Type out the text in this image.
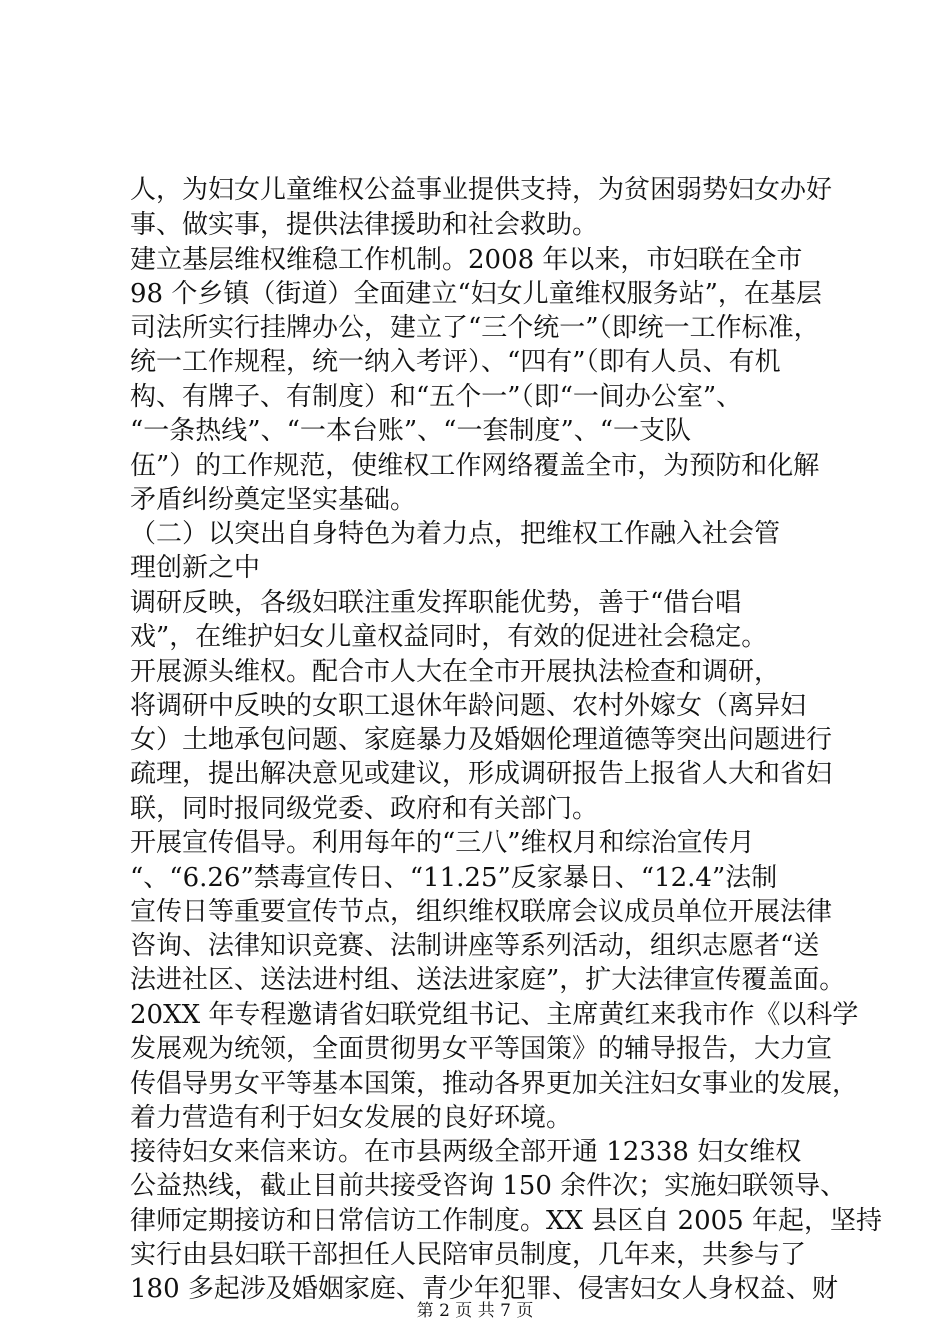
人，为妇女儿童维权公益事业提供支持，为贫困弱势妇女办好
事、做实事，提供法律援助和社会救助。
建立基层维权维稳工作机制。2008 年以来，市妇联在全市
98 个乡镇（街道）全面建立“妇女儿童维权服务站”，在基层
司法所实行挂牌办公，建立了“三个统一”（即统一工作标准，
统一工作规程，统一纳入考评）、“四有”（即有人员、有机
构、有牌子、有制度）和“五个一”（即“一间办公室”、
“一条热线”、“一本台账”、“一套制度”、“一支队
伍”）的工作规范，使维权工作网络覆盖全市，为预防和化解
矛盾纠纷奠定坚实基础。
（二）以突出自身特色为着力点，把维权工作融入社会管
理创新之中
调研反映，各级妇联注重发挥职能优势，善于“借台唱
戏”，在维护妇女儿童权益同时，有效的促进社会稳定。
开展源头维权。配合市人大在全市开展执法检查和调研，
将调研中反映的女职工退休年龄问题、农村外嫁女（离异妇
女）土地承包问题、家庭暴力及婚姻伦理道德等突出问题进行
疏理，提出解决意见或建议，形成调研报告上报省人大和省妇
联，同时报同级党委、政府和有关部门。
开展宣传倡导。利用每年的“三八”维权月和综治宣传月
“、“6.26”禁毒宣传日、“11.25”反家暴日、“12.4”法制
宣传日等重要宣传节点，组织维权联席会议成员单位开展法律
咨询、法律知识竞赛、法制讲座等系列活动，组织志愿者“送
法进社区、送法进村组、送法进家庭”，扩大法律宣传覆盖面。
20XX 年专程邀请省妇联党组书记、主席黄红来我市作《以科学
发展观为统领，全面贯彻男女平等国策》的辅导报告，大力宣
传倡导男女平等基本国策，推动各界更加关注妇女事业的发展，
着力营造有利于妇女发展的良好环境。
接待妇女来信来访。在市县两级全部开通 12338 妇女维权
公益热线，截止目前共接受咨询 150 余件次；实施妇联领导、
律师定期接访和日常信访工作制度。XX 县区自 2005 年起，坚持
实行由县妇联干部担任人民陪审员制度，几年来，共参与了
180 多起涉及婚姻家庭、青少年犯罪、侵害妇女人身权益、财
第 2 页 共 7 页
